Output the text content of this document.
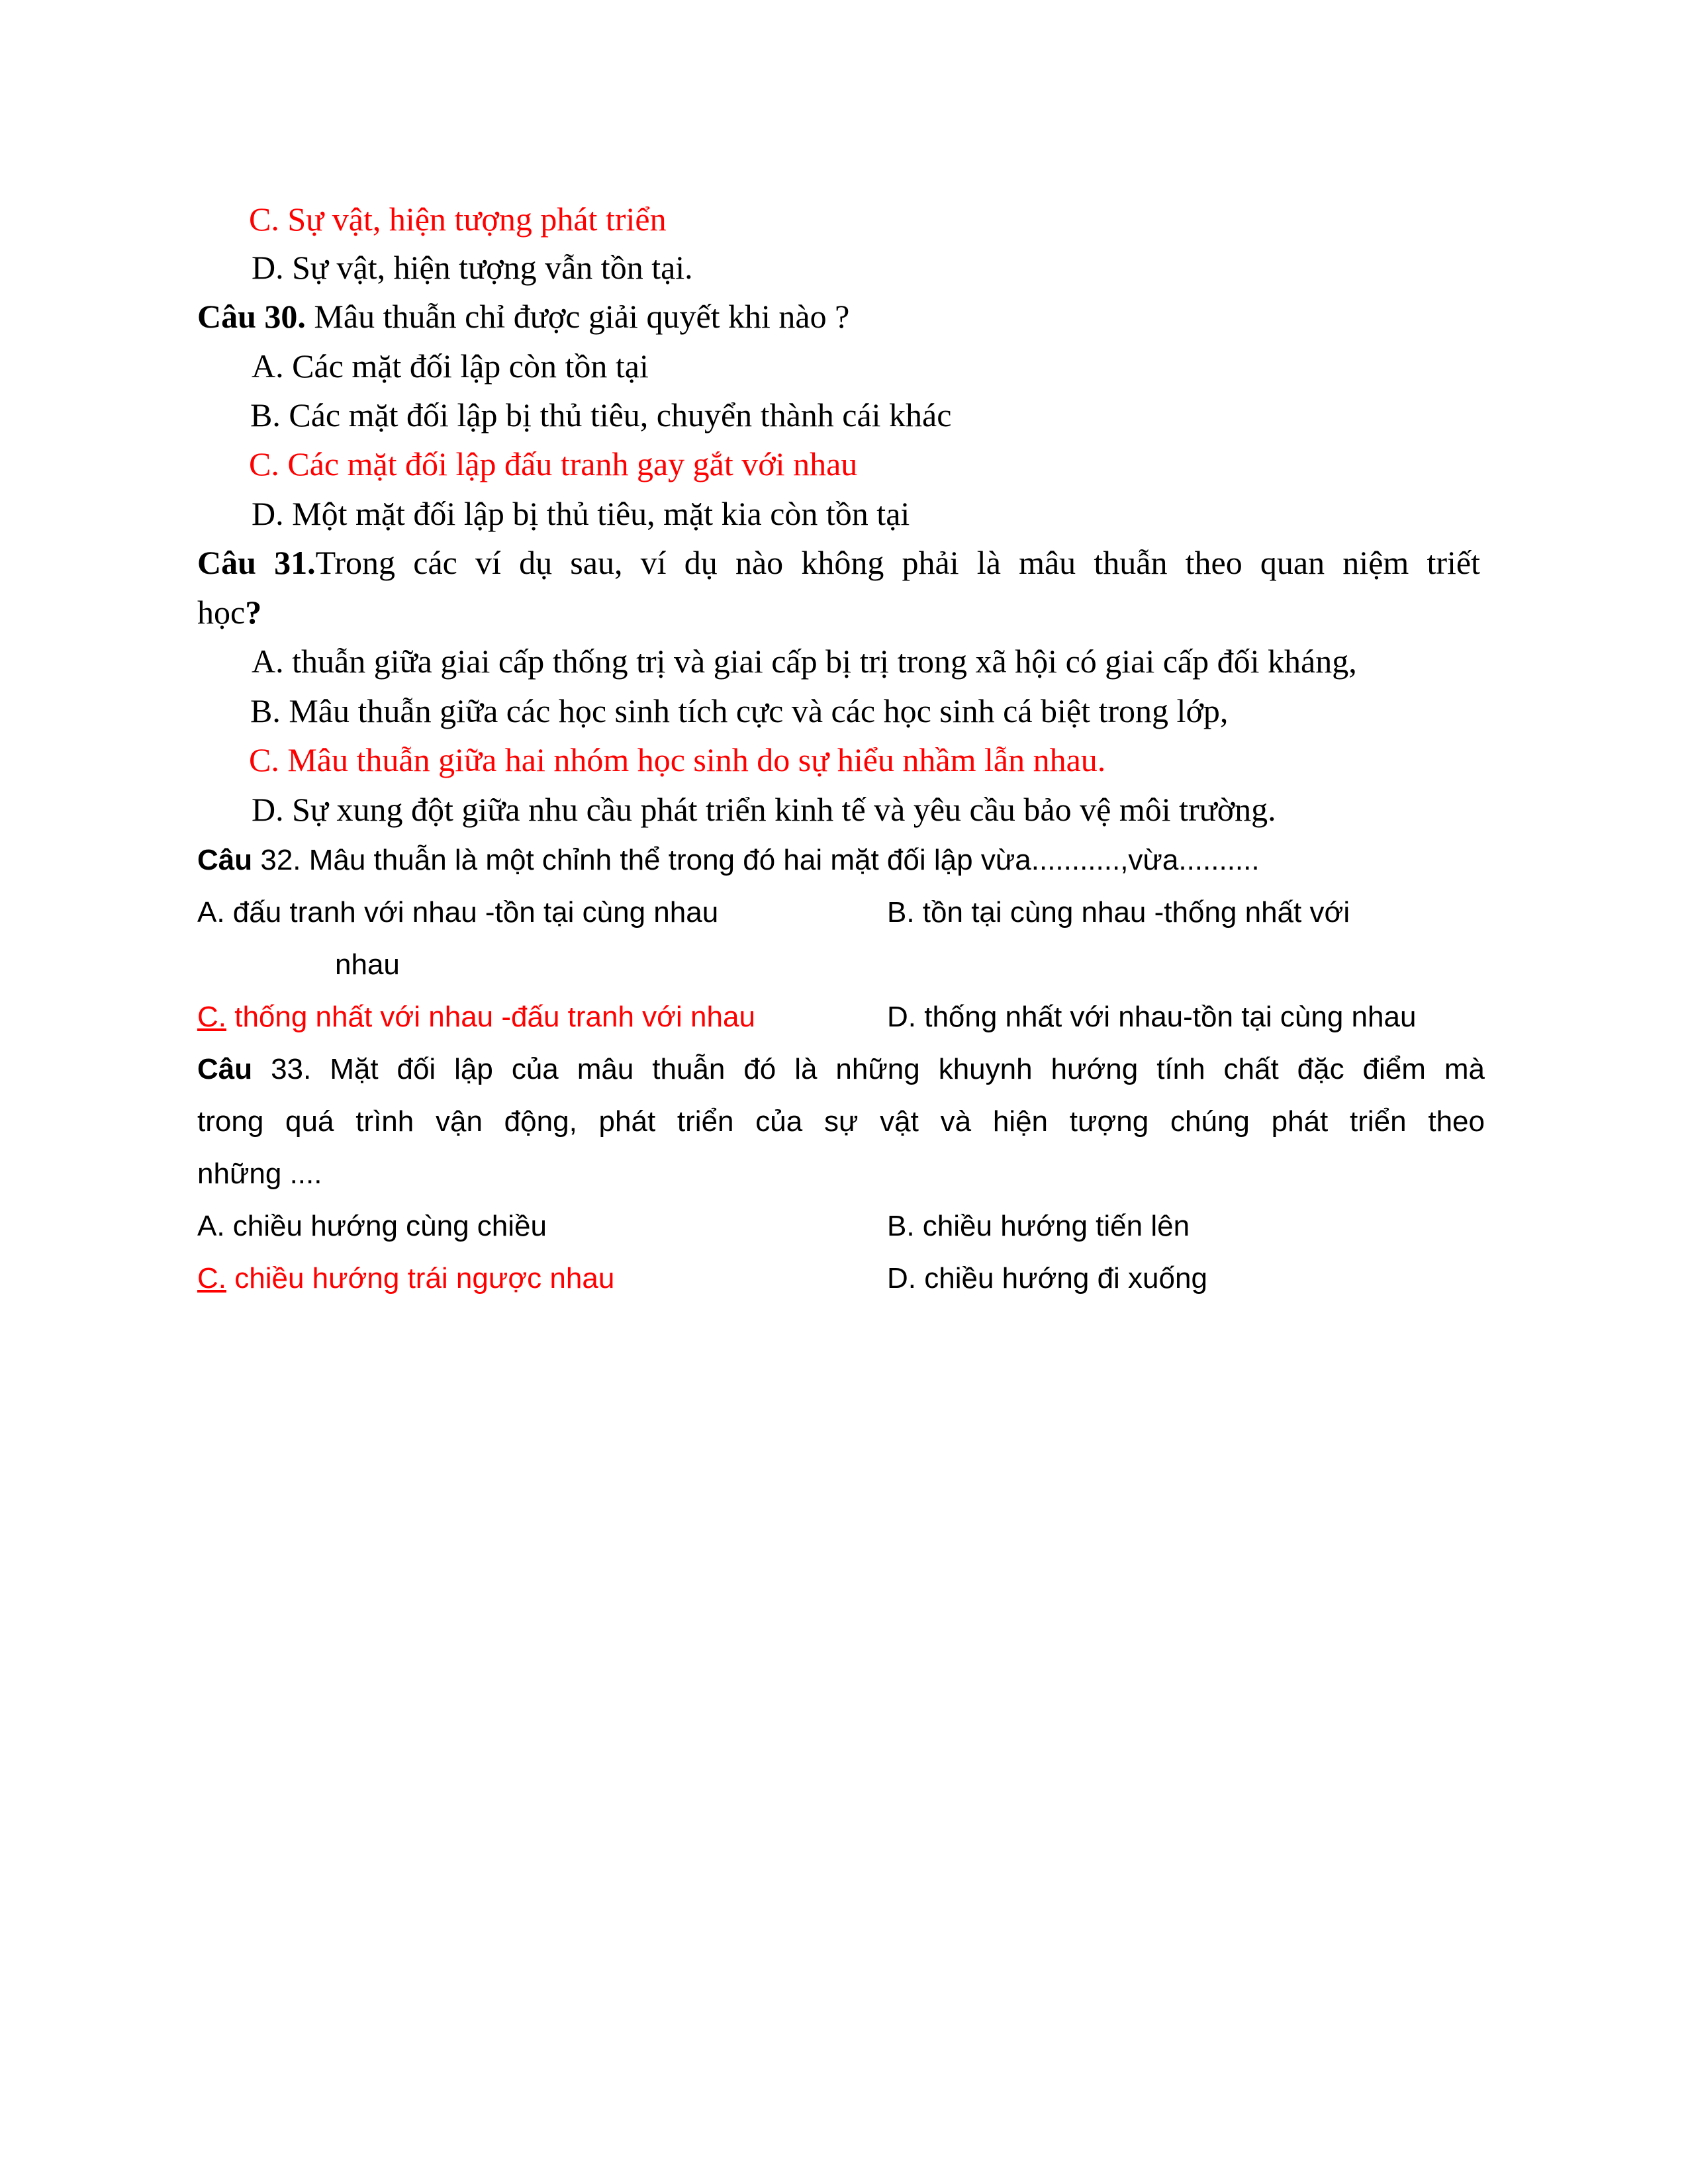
C. Sự vật, hiện tượng phát triển
D. Sự vật, hiện tượng vẫn tồn tại.
Câu 30. Mâu thuẫn chỉ được giải quyết khi nào ?
A. Các mặt đối lập còn tồn tại
B. Các mặt đối lập bị thủ tiêu, chuyển thành cái khác
C. Các mặt đối lập đấu tranh gay gắt với nhau
D. Một mặt đối lập bị thủ tiêu, mặt kia còn tồn tại
Câu 31.Trong các ví dụ sau, ví dụ nào không phải là mâu thuẫn theo quan niệm triết
học?
A. thuẫn giữa giai cấp thống trị và giai cấp bị trị trong xã hội có giai cấp đối kháng,
B. Mâu thuẫn giữa các học sinh tích cực và các học sinh cá biệt trong lớp,
C. Mâu thuẫn giữa hai nhóm học sinh do sự hiểu nhầm lẫn nhau.
D. Sự xung đột giữa nhu cầu phát triển kinh tế và yêu cầu bảo vệ môi trường.
Câu 32. Mâu thuẫn là một chỉnh thể trong đó hai mặt đối lập vừa...........,vừa..........
A. đấu tranh với nhau -tồn tại cùng nhau	B. tồn tại cùng nhau -thống nhất với
nhau
C. thống nhất với nhau -đấu tranh với nhau	D. thống nhất với nhau-tồn tại cùng nhau
Câu 33. Mặt đối lập của mâu thuẫn đó là những khuynh hướng tính chất đặc điểm mà
trong quá trình vận động, phát triển của sự vật và hiện tượng chúng phát triển theo
những ....
A. chiều hướng cùng chiều	B. chiều hướng tiến lên
C. chiều hướng trái ngược nhau	D. chiều hướng đi xuống
